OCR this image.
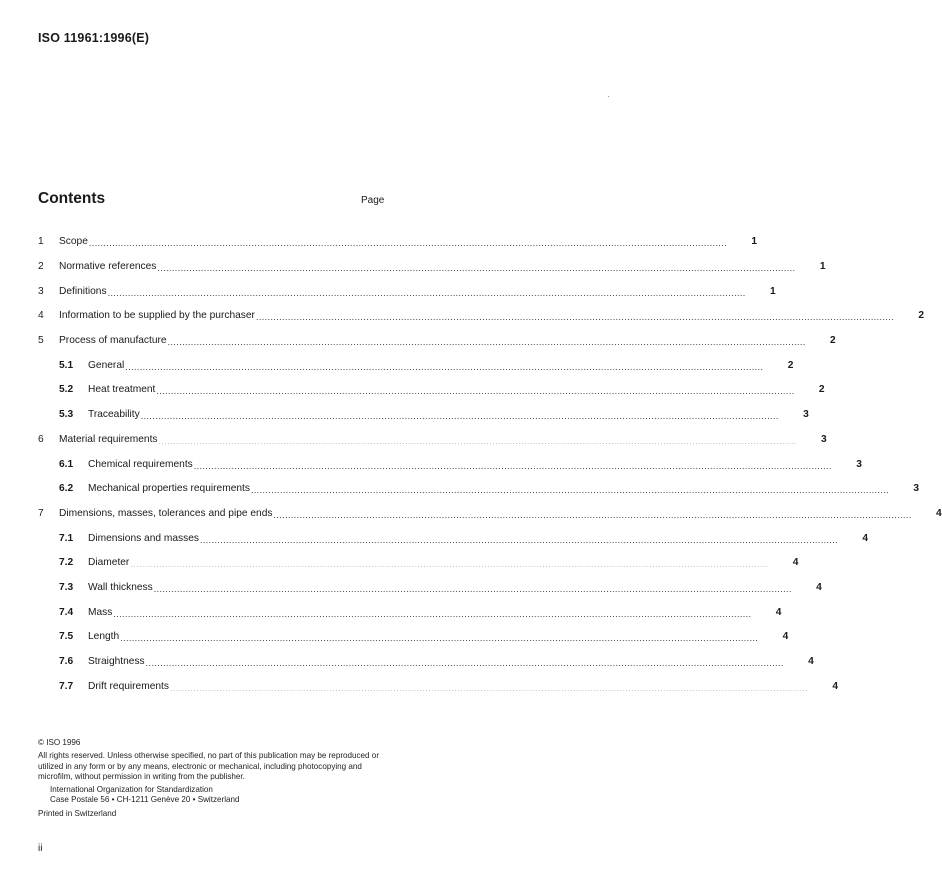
ISO 11961:1996(E)
Contents	Page
1	Scope ............................................................................................................................................................................................................................	1
2	Normative references ............................................................................................................................................................................................................................	1
3	Definitions ............................................................................................................................................................................................................................	1
4	Information to be supplied by the purchaser ............................................................................................................................................................................................................................	2
5	Process of manufacture ............................................................................................................................................................................................................................	2
5.1	General ............................................................................................................................................................................................................................	2
5.2	Heat treatment ............................................................................................................................................................................................................................	2
5.3	Traceability ............................................................................................................................................................................................................................	3
6	Material requirements ............................................................................................................................................................................................................................	3
6.1	Chemical requirements ............................................................................................................................................................................................................................	3
6.2	Mechanical properties requirements ............................................................................................................................................................................................................................	3
7	Dimensions, masses, tolerances and pipe ends ............................................................................................................................................................................................................................	4
7.1	Dimensions and masses ............................................................................................................................................................................................................................	4
7.2	Diameter ............................................................................................................................................................................................................................	4
7.3	Wall thickness ............................................................................................................................................................................................................................	4
7.4	Mass ............................................................................................................................................................................................................................	4
7.5	Length ............................................................................................................................................................................................................................	4
7.6	Straightness ............................................................................................................................................................................................................................	4
7.7	Drift requirements ............................................................................................................................................................................................................................	4

© ISO 1996

All rights reserved. Unless otherwise specified, no part of this publication may be reproduced or utilized in any form or by any means, electronic or mechanical, including photocopying and microfilm, without permission in writing from the publisher.

International Organization for Standardization

Case Postale 56 • CH-1211 Genève 20 • Switzerland

Printed in Switzerland

ii
